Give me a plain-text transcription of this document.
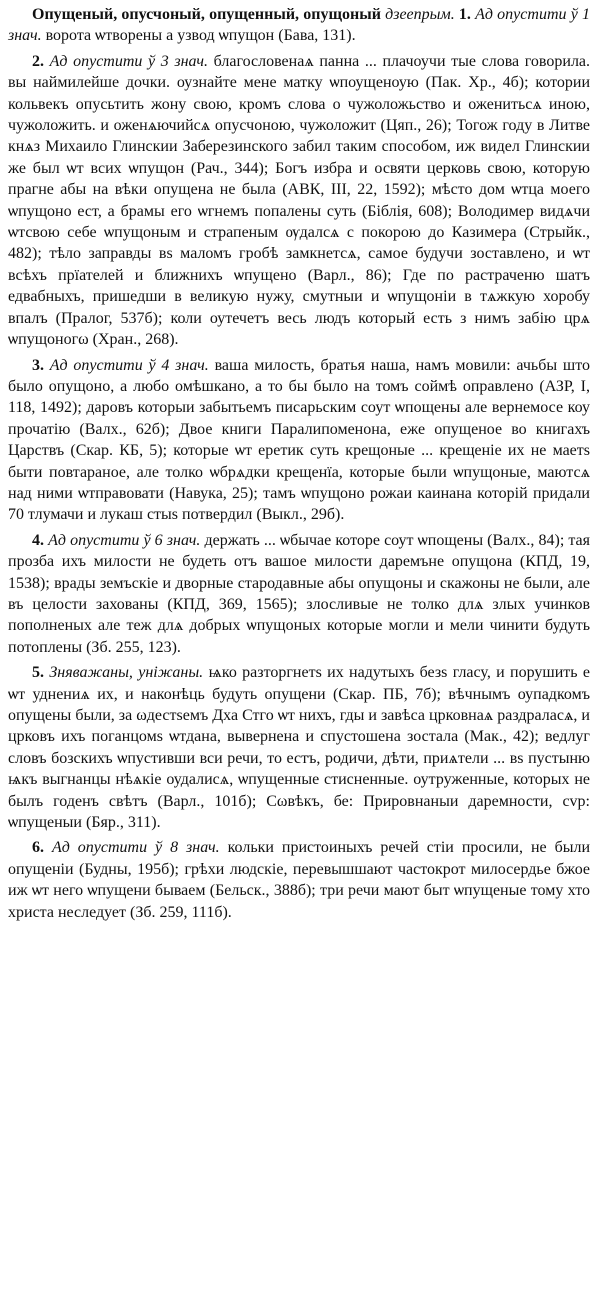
Опущеный, опусчоный, опущенный, опущоный дзеепрым. 1. Ад опустити ў 1 знач. ворота ѡтворены а узвод ѡпущон (Бава, 131).

2. Ад опустити ў 3 знач. благословенаѧ панна ... плачоучи тые слова говорила. вы наймилейше дочки. оузнайте мене матку ѡпоущеноую (Пак. Хр., 4б); котории кольвекъ опусьтить жону свою, кромъ слова о чужоложьство и оженитьсѧ иною, чужоложить. и оженѧючийсѧ опусчоною, чужоложит (Цяп., 26); Тогож году в Литве кнѧз Михаило Глинскии Заберезинского забил таким способом, иж видел Глинскии же был ѡт всих ѡпущон (Рач., 344); Богъ избра и освяти церковь свою, которую прагне абы на вѣки опущена не была (АВК, III, 22, 1592); мѣсто дом ѡтца моего ѡпущоно ест, а брамы его ѡгнемъ попалены суть (Біблія, 608); Володимер видѧчи ѡтсвою себе ѡпущоным и страпеным ѹдалсѧ с покорою до Казимера (Стрыйк., 482); тѣло заправды вѕ маломъ гробѣ замкнетсѧ, самое будучи зоставлено, и ѡт всѣхъ прїателей и ближнихъ ѡпущено (Варл., 86); Где по растраченю шатъ едвабныхъ, пришедши в великую нужу, смутныи и ѡпущоніи в тѧжкую хоробу впалъ (Пралог, 537б); коли оутечетъ весь людъ который есть з нимъ забію црѧ ѡпущоногω (Хран., 268).

3. Ад опустити ў 4 знач. ваша милость, братья наша, намъ мовили: ачьбы што было опущоно, а любо омѣшкано, а то бы было на томъ соймѣ оправлено (АЗР, I, 118, 1492); даровъ которыи забытьемъ писарьским соут ѡпощены але вернемосе коу прочатію (Валх., 62б); Двое книги Паралипоменона, еже опущеное во книгахъ Царствъ (Скар. КБ, 5); которые ѡт еретик суть крещоные ... крещеніе их не маетѕ быти повтараное, але толко ѡбрѧдки крещенїа, которые были ѡпущоные, маютсѧ над ними ѡтправовати (Навука, 25); тамъ ѡпущоно рожаи каинана которій придали 70 тлумачи и лукаш стыѕ потвердил (Выкл., 29б).

4. Ад опустити ў 6 знач. держать ... ѡбычае которе соут ѡпощены (Валх., 84); тая прозба ихъ милости не будеть отъ вашое милости даремъне опущона (КПД, 19, 1538); врады земъскіе и дворные стародавные абы опущоны и скажоны не были, але въ целости захованы (КПД, 369, 1565); злосливые не толко длѧ злых учинков пополненых але теж длѧ добрых ѡпущоных которые могли и мели чинити будуть потоплены (Зб. 255, 123).

5. Зняважаны, уніжаны. ѩко разторгнетѕ их надутыхъ безѕ гласу, и порушить е ѡт уднениѧ их, и наконѣць будуть опущени (Скар. ПБ, 7б); вѣчнымъ оупадкомъ опущены были, за ωдестѕемъ Дха Стго ѡт нихъ, гды и завѣса црковнаѧ раздраласѧ, и црковъ ихъ поганцомѕ ѡтдана, вывернена и спустошена зостала (Мак., 42); ведлуг словъ бозскихъ ѡпустивши вси речи, то естъ, родичи, дѣти, приѧтели ... вѕ пустыню ѩкъ выгнанцы нѣѧкіе оудалисѧ, ѡпущенные стисненные. оутруженные, которых не былъ годенъ свѣтъ (Варл., 101б); Сωвѣкъ, бе: Прировнаныи даремности, сvр: ѡпущеныи (Бяр., 311).

6. Ад опустити ў 8 знач. кольки пристоиныхъ речей стіи просили, не были опущеніи (Будны, 195б); грѣхи людскіе, перевышшают частокрот милосердье бжое иж ѡт него ѡпущени бываем (Бельск., 388б); три речи мают быт ѡпущеные тому хто христа неследует (Зб. 259, 111б).
